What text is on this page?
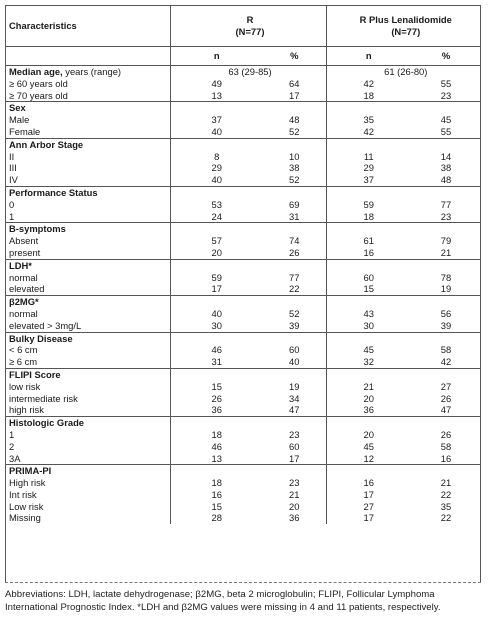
Characteristics	R
(N=77)		R Plus Lenalidomide
(N=77)	

	n	%	n	%
Median age, years (range)	63 (29-85)		61 (26-80)	
≥ 60 years old	49	64	42	55
≥ 70 years old	13	17	18	23
Sex				
Male	37	48	35	45
Female	40	52	42	55
Ann Arbor Stage				
II	8	10	11	14
III	29	38	29	38
IV	40	52	37	48
Performance Status				
0	53	69	59	77
1	24	31	18	23
B-symptoms				
Absent	57	74	61	79
present	20	26	16	21
LDH*				
normal	59	77	60	78
elevated	17	22	15	19
β2MG*				
normal	40	52	43	56
elevated > 3mg/L	30	39	30	39
Bulky Disease				
< 6 cm	46	60	45	58
≥ 6 cm	31	40	32	42
FLIPI Score				
low risk	15	19	21	27
intermediate risk	26	34	20	26
high risk	36	47	36	47
Histologic Grade				
1	18	23	20	26
2	46	60	45	58
3A	13	17	12	16
PRIMA-PI				
High risk	18	23	16	21
Int risk	16	21	17	22
Low risk	15	20	27	35
Missing	28	36	17	22
Abbreviations: LDH, lactate dehydrogenase; β2MG, beta 2 microglobulin; FLIPI, Follicular Lymphoma
International Prognostic Index. *LDH and β2MG values were missing in 4 and 11 patients, respectively.
